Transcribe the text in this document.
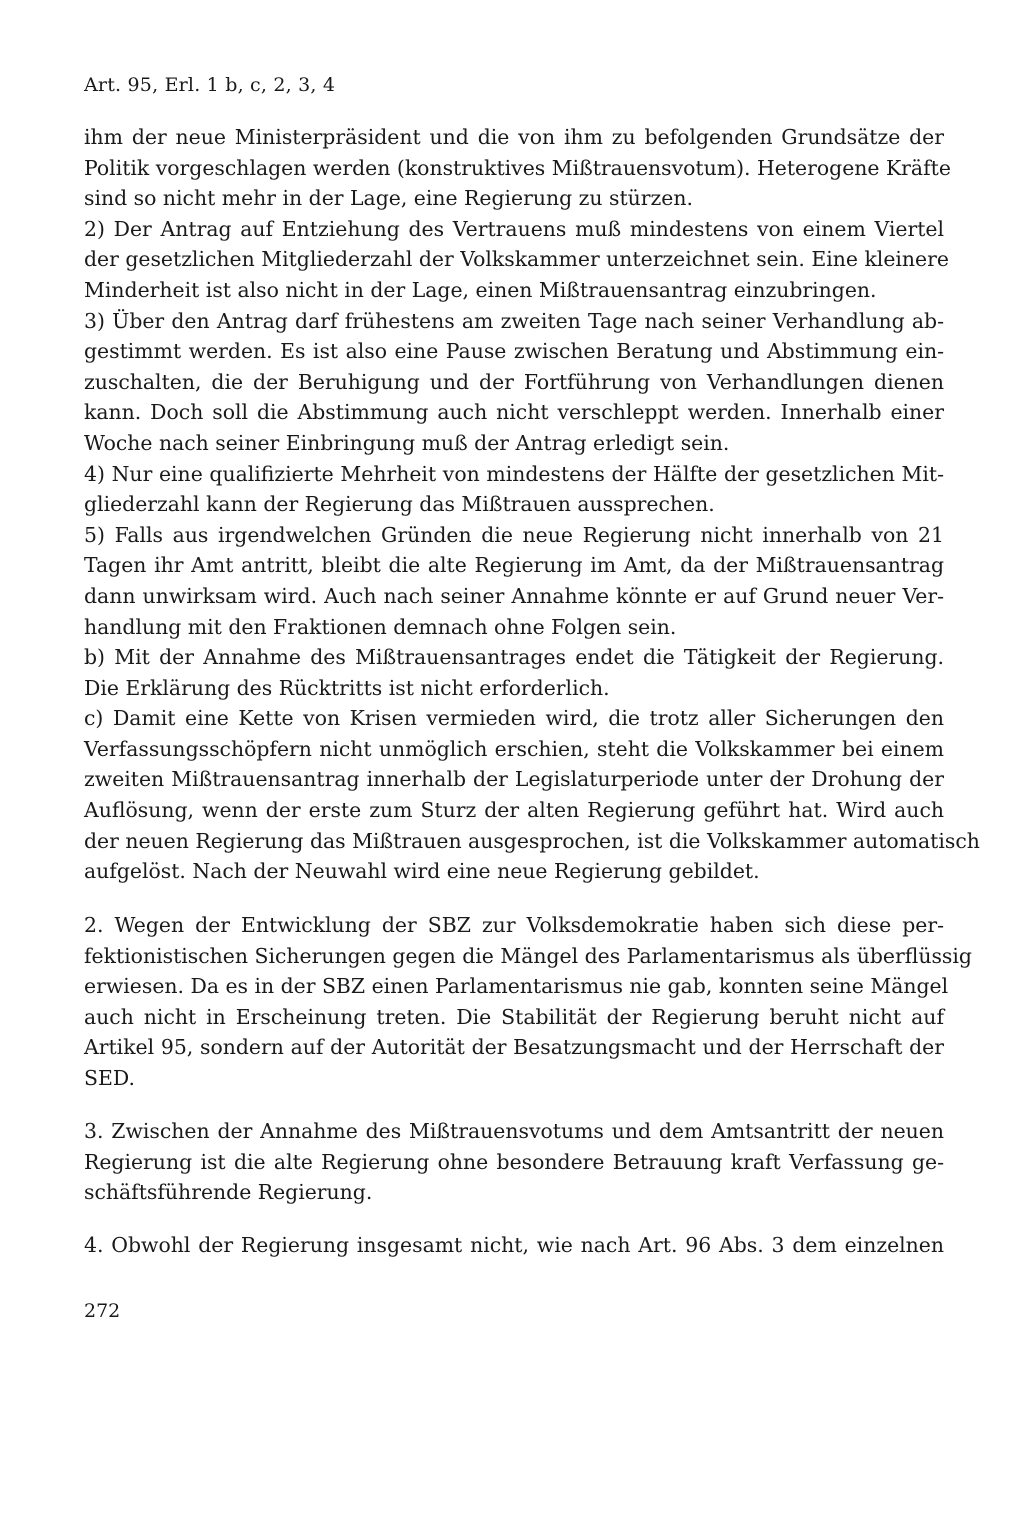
Art. 95, Erl. 1 b, c, 2, 3, 4
ihm der neue Ministerpräsident und die von ihm zu befolgenden Grundsätze der
Politik vorgeschlagen werden (konstruktives Mißtrauensvotum). Heterogene Kräfte
sind so nicht mehr in der Lage, eine Regierung zu stürzen.
2) Der Antrag auf Entziehung des Vertrauens muß mindestens von einem Viertel
der gesetzlichen Mitgliederzahl der Volkskammer unterzeichnet sein. Eine kleinere
Minderheit ist also nicht in der Lage, einen Mißtrauensantrag einzubringen.
3) Über den Antrag darf frühestens am zweiten Tage nach seiner Verhandlung ab-
gestimmt werden. Es ist also eine Pause zwischen Beratung und Abstimmung ein-
zuschalten, die der Beruhigung und der Fortführung von Verhandlungen dienen
kann. Doch soll die Abstimmung auch nicht verschleppt werden. Innerhalb einer
Woche nach seiner Einbringung muß der Antrag erledigt sein.
4) Nur eine qualifizierte Mehrheit von mindestens der Hälfte der gesetzlichen Mit-
gliederzahl kann der Regierung das Mißtrauen aussprechen.
5) Falls aus irgendwelchen Gründen die neue Regierung nicht innerhalb von 21
Tagen ihr Amt antritt, bleibt die alte Regierung im Amt, da der Mißtrauensantrag
dann unwirksam wird. Auch nach seiner Annahme könnte er auf Grund neuer Ver-
handlung mit den Fraktionen demnach ohne Folgen sein.
b) Mit der Annahme des Mißtrauensantrages endet die Tätigkeit der Regierung.
Die Erklärung des Rücktritts ist nicht erforderlich.
c) Damit eine Kette von Krisen vermieden wird, die trotz aller Sicherungen den
Verfassungsschöpfern nicht unmöglich erschien, steht die Volkskammer bei einem
zweiten Mißtrauensantrag innerhalb der Legislaturperiode unter der Drohung der
Auflösung, wenn der erste zum Sturz der alten Regierung geführt hat. Wird auch
der neuen Regierung das Mißtrauen ausgesprochen, ist die Volkskammer automatisch
aufgelöst. Nach der Neuwahl wird eine neue Regierung gebildet.
2. Wegen der Entwicklung der SBZ zur Volksdemokratie haben sich diese per-
fektionistischen Sicherungen gegen die Mängel des Parlamentarismus als überflüssig
erwiesen. Da es in der SBZ einen Parlamentarismus nie gab, konnten seine Mängel
auch nicht in Erscheinung treten. Die Stabilität der Regierung beruht nicht auf
Artikel 95, sondern auf der Autorität der Besatzungsmacht und der Herrschaft der
SED.
3. Zwischen der Annahme des Mißtrauensvotums und dem Amtsantritt der neuen
Regierung ist die alte Regierung ohne besondere Betrauung kraft Verfassung ge-
schäftsführende Regierung.
4. Obwohl der Regierung insgesamt nicht, wie nach Art. 96 Abs. 3 dem einzelnen
272
